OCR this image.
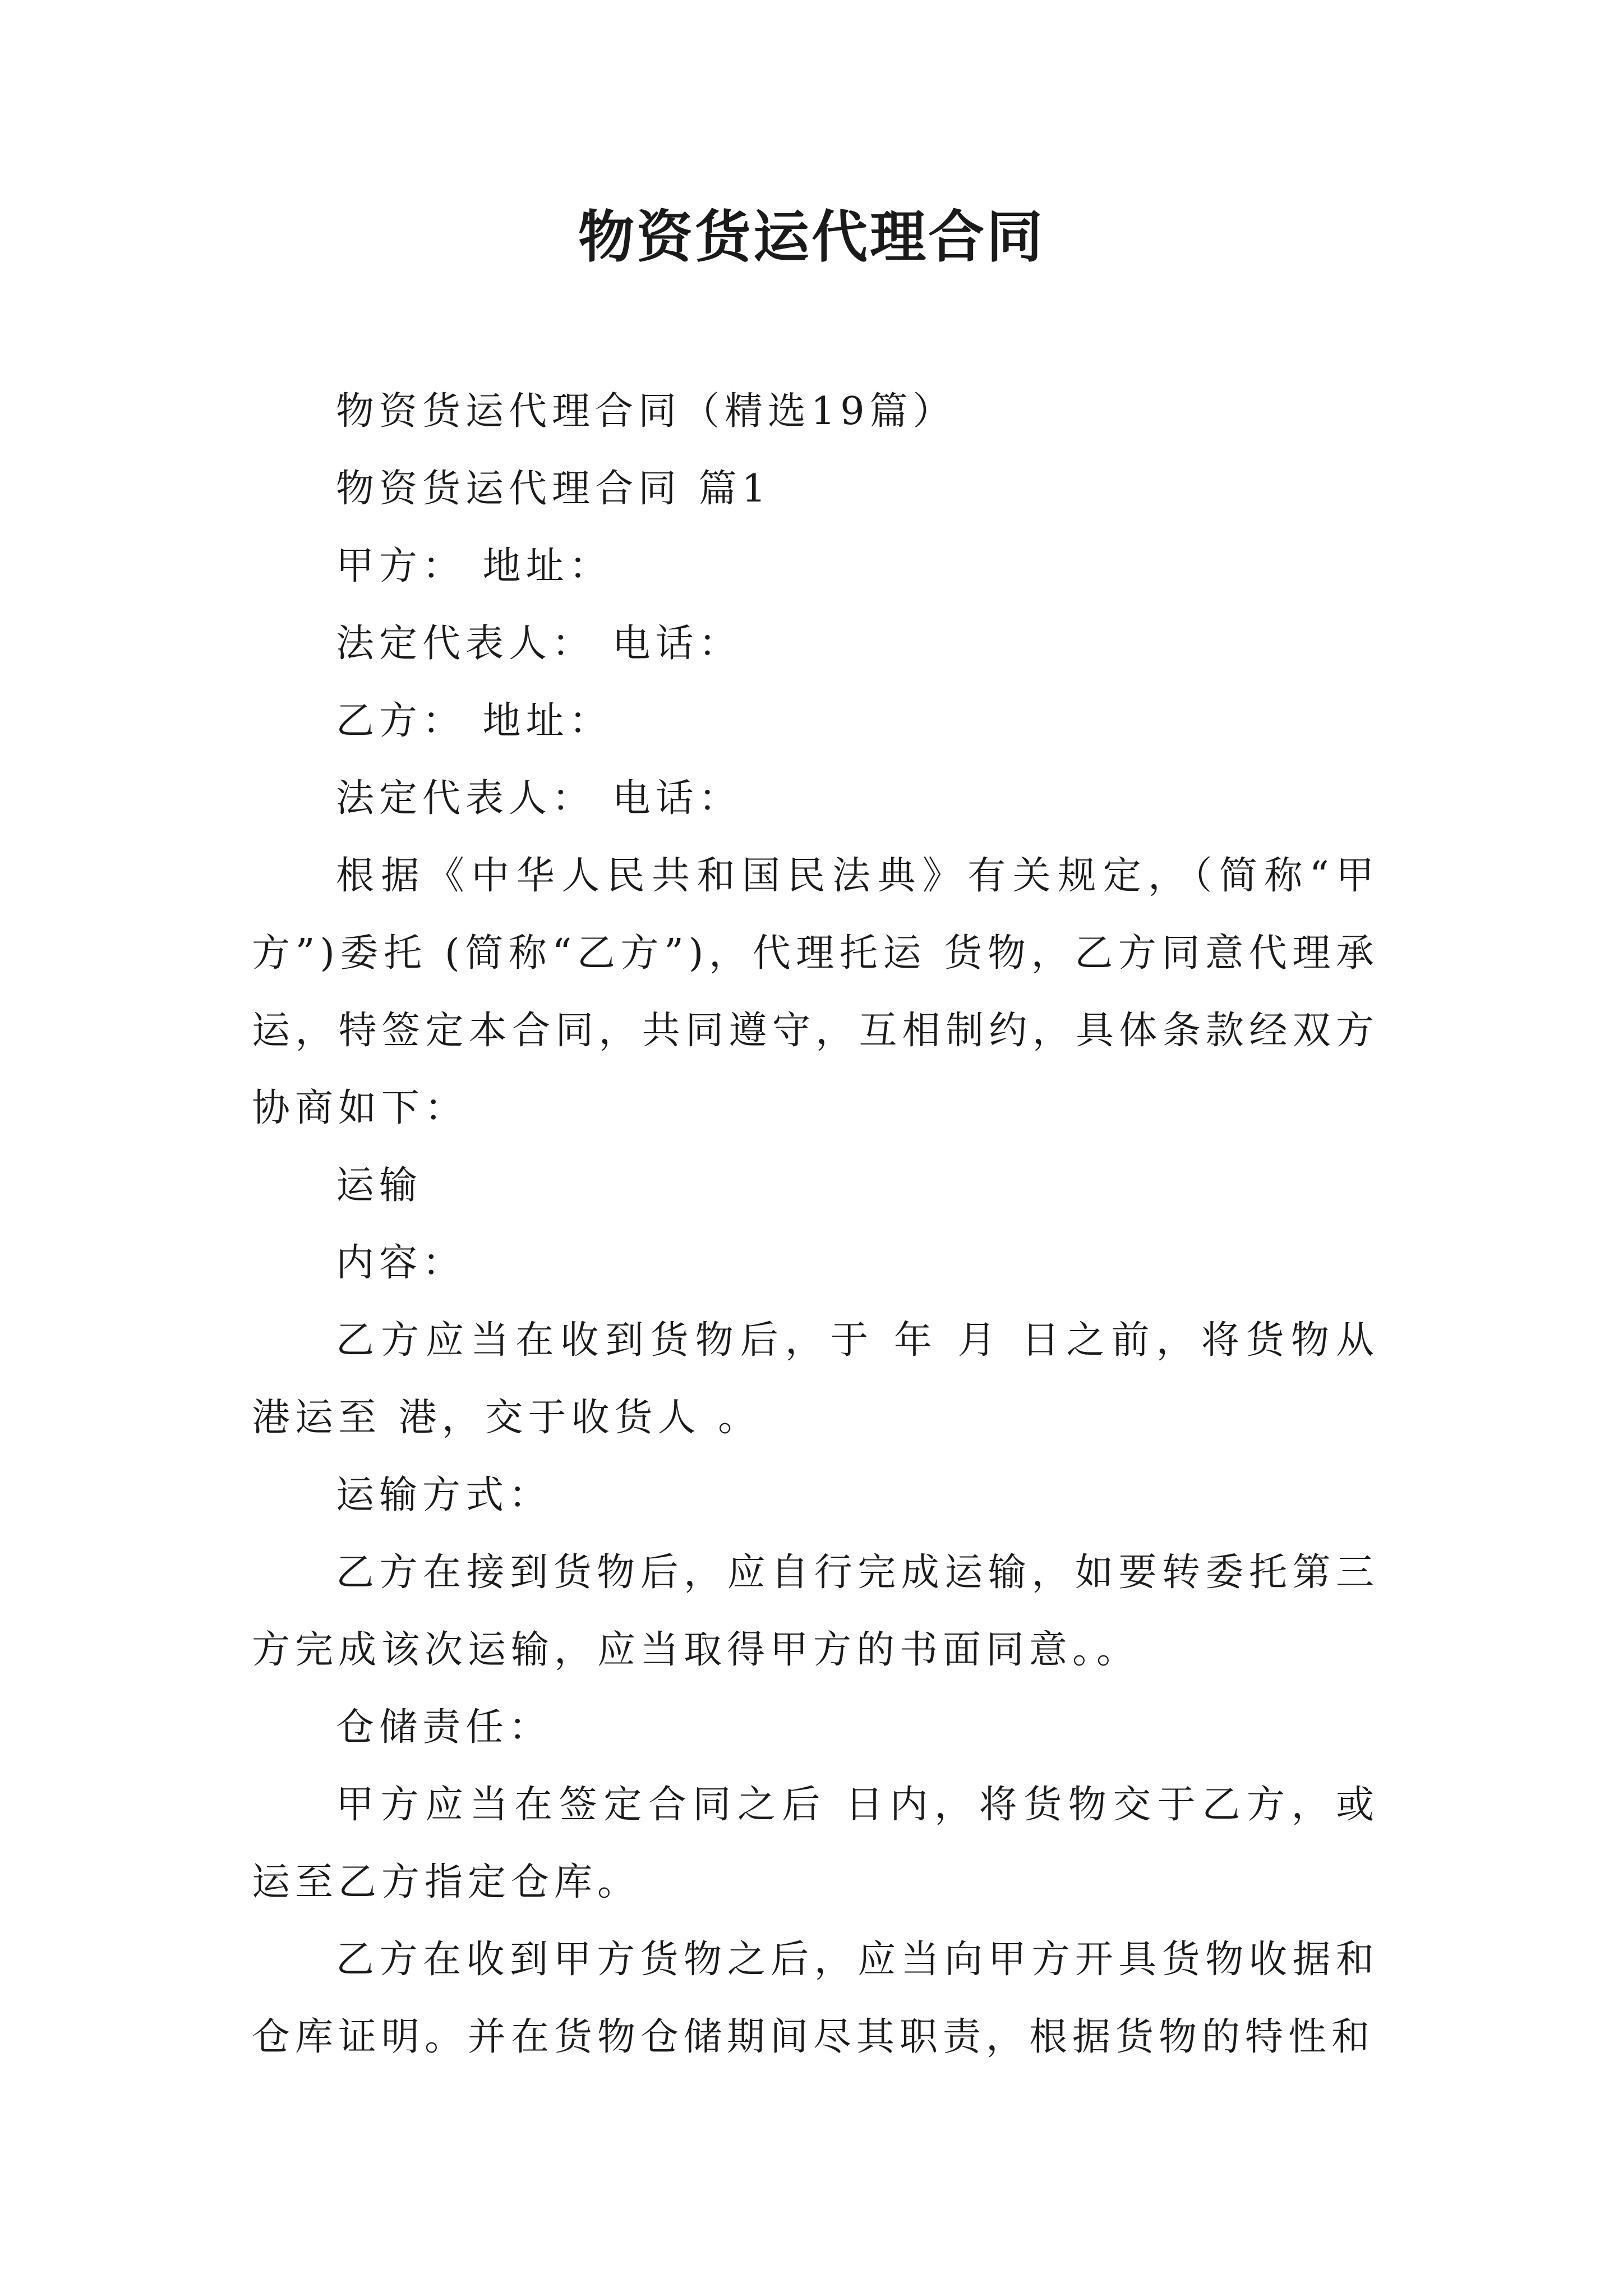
物资货运代理合同

物资货运代理合同（精选19篇）

物资货运代理合同 篇1

甲方： 地址：

法定代表人： 电话：

乙方： 地址：

法定代表人： 电话：

根据《中华人民共和国民法典》有关规定，（简称“甲方”)委托 (简称“乙方”)，代理托运 货物，乙方同意代理承运，特签定本合同，共同遵守，互相制约，具体条款经双方协商如下：

运输

内容：

乙方应当在收到货物后，于 年 月 日之前，将货物从港运至 港，交于收货人 。

运输方式：

乙方在接到货物后，应自行完成运输，如要转委托第三方完成该次运输，应当取得甲方的书面同意。。

仓储责任：

甲方应当在签定合同之后 日内，将货物交于乙方，或运至乙方指定仓库。

乙方在收到甲方货物之后，应当向甲方开具货物收据和仓库证明。并在货物仓储期间尽其职责，根据货物的特性和
